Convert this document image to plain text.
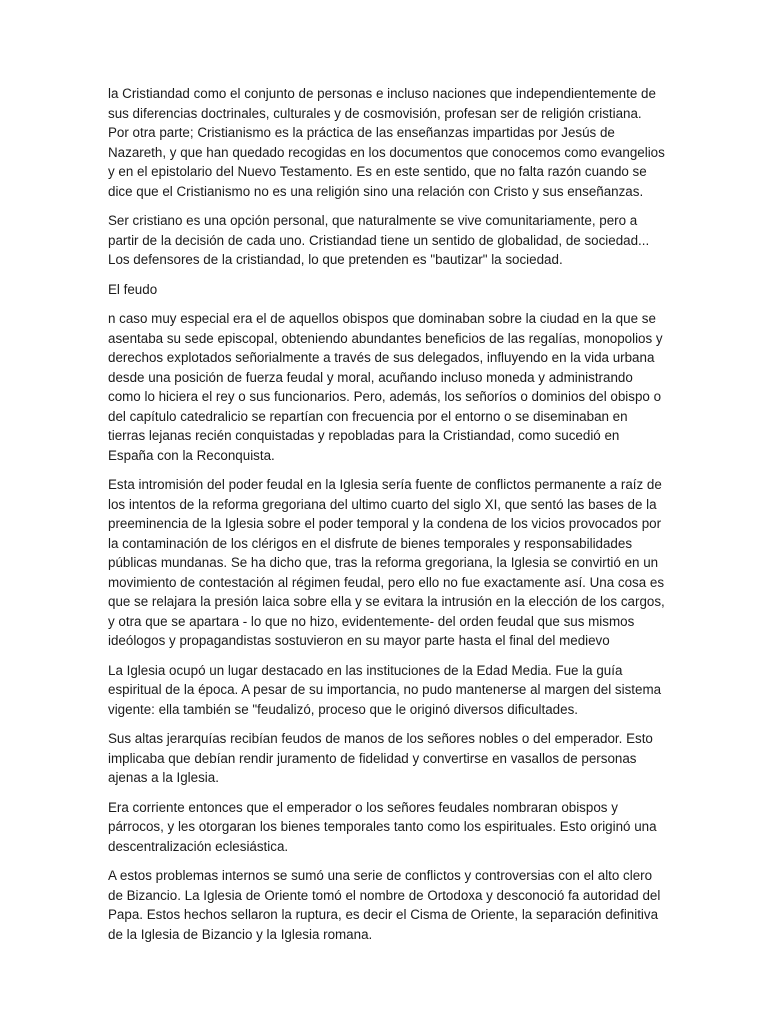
la Cristiandad como el conjunto de personas e incluso naciones que independientemente de sus diferencias doctrinales, culturales y de cosmovisión, profesan ser de religión cristiana. Por otra parte; Cristianismo es la práctica de las enseñanzas impartidas por Jesús de Nazareth, y que han quedado recogidas en los documentos que conocemos como evangelios y en el epistolario del Nuevo Testamento. Es en este sentido, que no falta razón cuando se dice que el Cristianismo no es una religión sino una relación con Cristo y sus enseñanzas.

Ser cristiano es una opción personal, que naturalmente se vive comunitariamente, pero a partir de la decisión de cada uno. Cristiandad tiene un sentido de globalidad, de sociedad... Los defensores de la cristiandad, lo que pretenden es "bautizar" la sociedad.

El feudo

n caso muy especial era el de aquellos obispos que dominaban sobre la ciudad en la que se asentaba su sede episcopal, obteniendo abundantes beneficios de las regalías, monopolios y derechos explotados señorialmente a través de sus delegados, influyendo en la vida urbana desde una posición de fuerza feudal y moral, acuñando incluso moneda y administrando como lo hiciera el rey o sus funcionarios. Pero, además, los señoríos o dominios del obispo o del capítulo catedralicio se repartían con frecuencia por el entorno o se diseminaban en tierras lejanas recién conquistadas y repobladas para la Cristiandad, como sucedió en España con la Reconquista.

Esta intromisión del poder feudal en la Iglesia sería fuente de conflictos permanente a raíz de los intentos de la reforma gregoriana del ultimo cuarto del siglo XI, que sentó las bases de la preeminencia de la Iglesia sobre el poder temporal y la condena de los vicios provocados por la contaminación de los clérigos en el disfrute de bienes temporales y responsabilidades públicas mundanas. Se ha dicho que, tras la reforma gregoriana, la Iglesia se convirtió en un movimiento de contestación al régimen feudal, pero ello no fue exactamente así. Una cosa es que se relajara la presión laica sobre ella y se evitara la intrusión en la elección de los cargos, y otra que se apartara - lo que no hizo, evidentemente- del orden feudal que sus mismos ideólogos y propagandistas sostuvieron en su mayor parte hasta el final del medievo

La Iglesia ocupó un lugar destacado en las instituciones de la Edad Media. Fue la guía espiritual de la época. A pesar de su importancia, no pudo mantenerse al margen del sistema vigente: ella también se "feudalizó, proceso que le originó diversos dificultades.

Sus altas jerarquías recibían feudos de manos de los señores nobles o del emperador. Esto implicaba que debían rendir juramento de fidelidad y convertirse en vasallos de personas ajenas a la Iglesia.

Era corriente entonces que el emperador o los señores feudales nombraran obispos y párrocos, y les otorgaran los bienes temporales tanto como los espirituales. Esto originó una descentralización eclesiástica.

A estos problemas internos se sumó una serie de conflictos y controversias con el alto clero de Bizancio. La Iglesia de Oriente tomó el nombre de Ortodoxa y desconoció fa autoridad del Papa. Estos hechos sellaron la ruptura, es decir el Cisma de Oriente, la separación definitiva de la Iglesia de Bizancio y la Iglesia romana.
